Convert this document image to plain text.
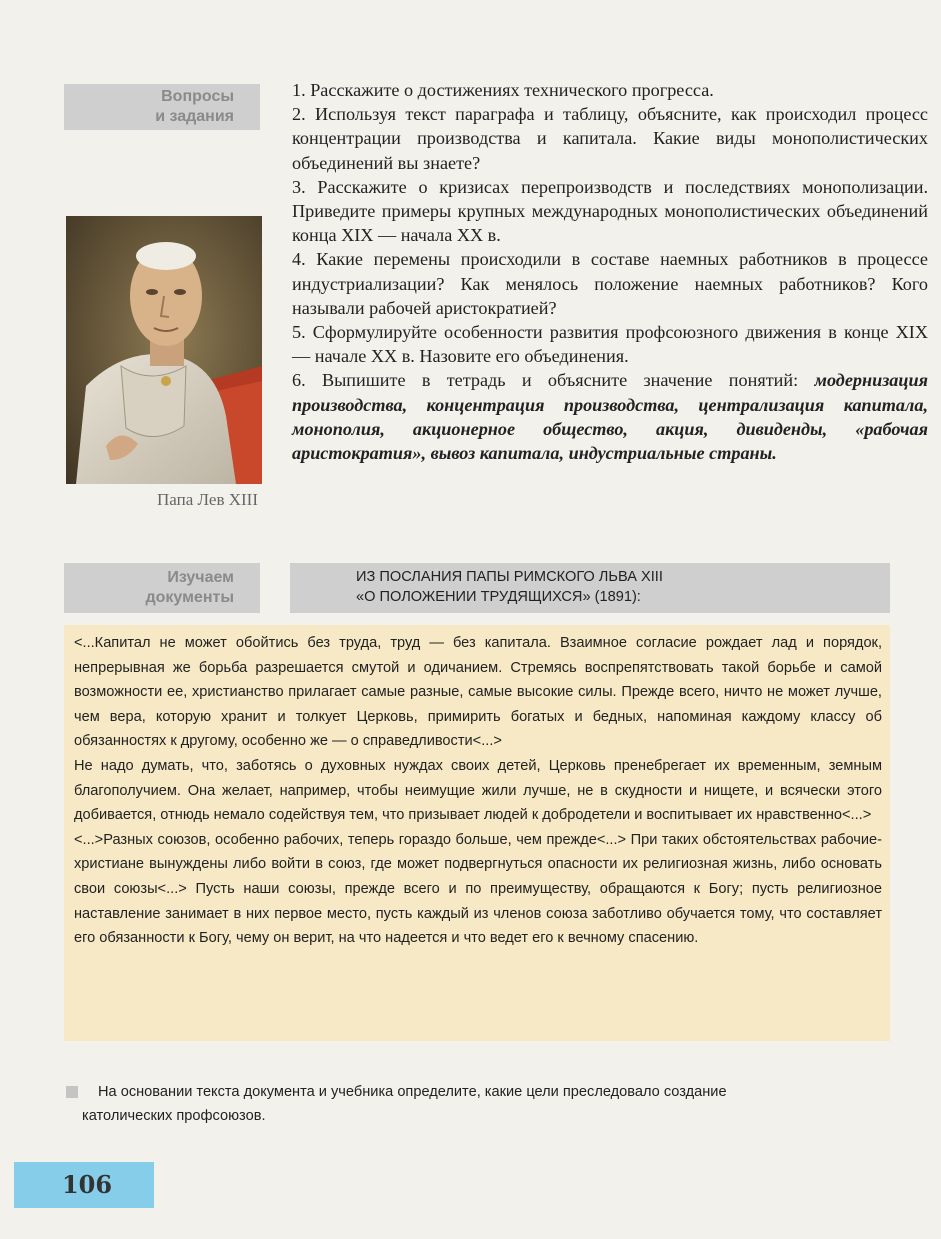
Вопросы
и задания
Папа Лев XIII

1. Расскажите о достижениях технического прогресса.

2. Используя текст параграфа и таблицу, объясните, как происходил процесс концентрации производства и капитала. Какие виды монополистических объединений вы знаете?

3. Расскажите о кризисах перепроизводств и последствиях монополизации. Приведите примеры крупных международных монополистических объединений конца XIX — начала XX в.

4. Какие перемены происходили в составе наемных работников в процессе индустриализации? Как менялось положение наемных работников? Кого называли рабочей аристократией?

5. Сформулируйте особенности развития профсоюзного движения в конце XIX — начале XX в. Назовите его объединения.

6. Выпишите в тетрадь и объясните значение понятий: модернизация производства, концентрация производства, централизация капитала, монополия, акционерное общество, акция, дивиденды, «рабочая аристократия», вывоз капитала, индустриальные страны.

Изучаем
документы
ИЗ ПОСЛАНИЯ ПАПЫ РИМСКОГО ЛЬВА XIII
«О ПОЛОЖЕНИИ ТРУДЯЩИХСЯ» (1891):

<...Капитал не может обойтись без труда, труд — без капитала. Взаимное согласие рождает лад и порядок, непрерывная же борьба разрешается смутой и одичанием. Стремясь воспрепятствовать такой борьбе и самой возможности ее, христианство прилагает самые разные, самые высокие силы. Прежде всего, ничто не может лучше, чем вера, которую хранит и толкует Церковь, примирить богатых и бедных, напоминая каждому классу об обязанностях к другому, особенно же — о справедливости<...>

Не надо думать, что, заботясь о духовных нуждах своих детей, Церковь пренебрегает их временным, земным благополучием. Она желает, например, чтобы неимущие жили лучше, не в скудности и нищете, и всячески этого добивается, отнюдь немало содействуя тем, что призывает людей к добродетели и воспитывает их нравственно<...>

<...>Разных союзов, особенно рабочих, теперь гораздо больше, чем прежде<...> При таких обстоятельствах рабочие-христиане вынуждены либо войти в союз, где может подвергнуться опасности их религиозная жизнь, либо основать свои союзы<...> Пусть наши союзы, прежде всего и по преимуществу, обращаются к Богу; пусть религиозное наставление занимает в них первое место, пусть каждый из членов союза заботливо обучается тому, что составляет его обязанности к Богу, чему он верит, на что надеется и что ведет его к вечному спасению.

На основании текста документа и учебника определите, какие цели преследовало создание

католических профсоюзов.

106
